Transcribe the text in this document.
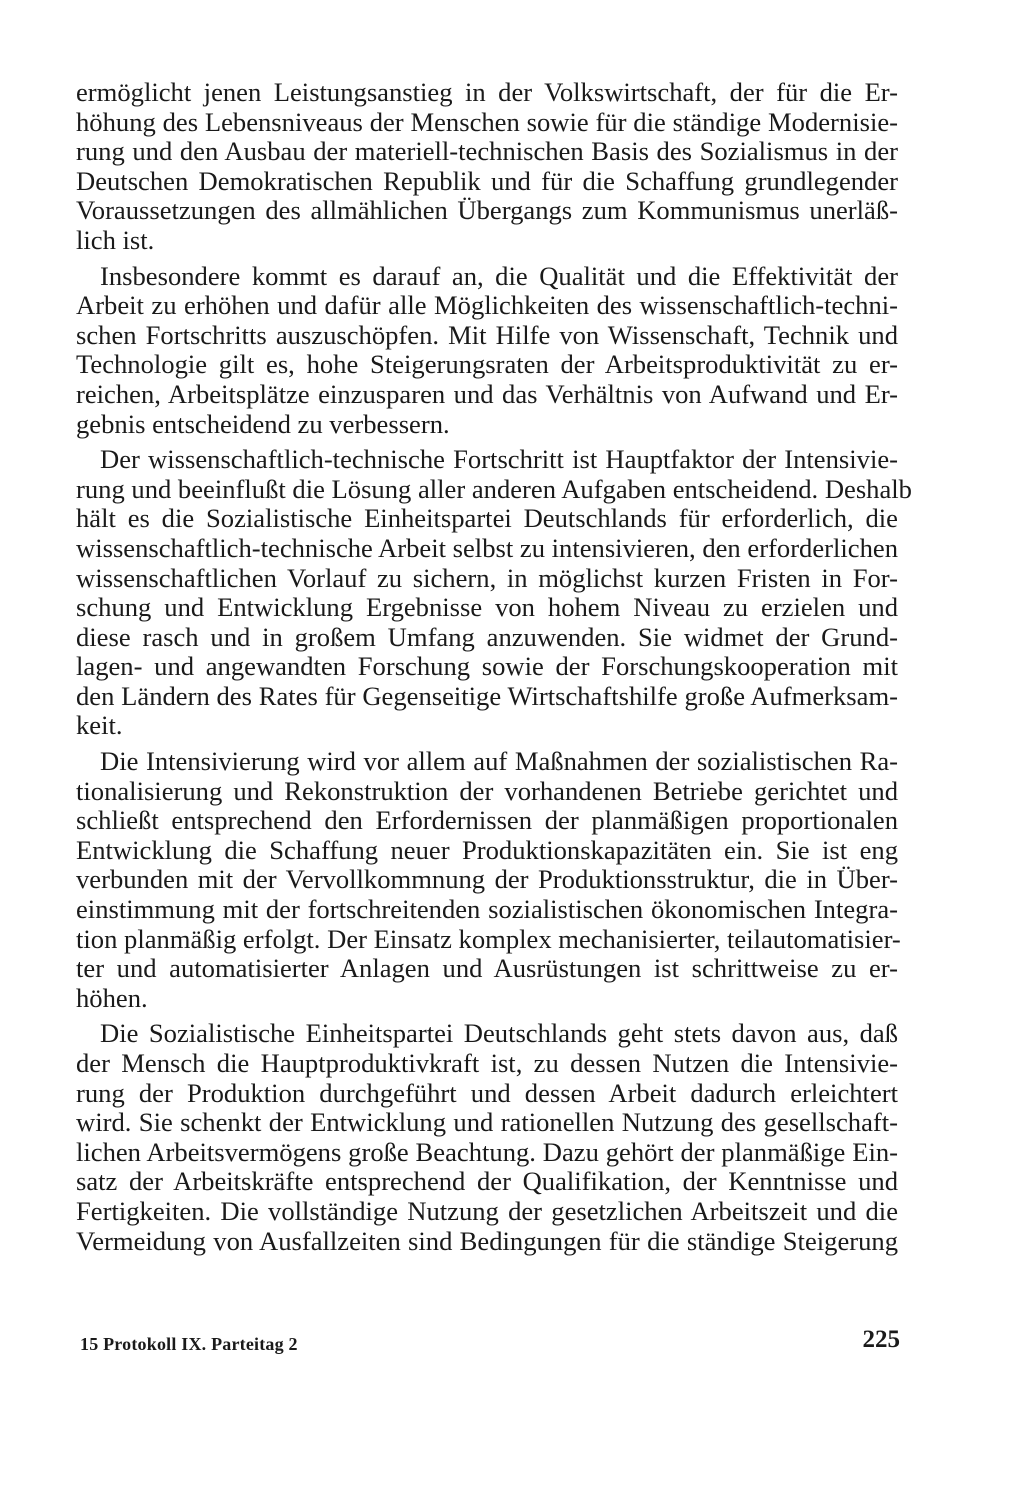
ermöglicht jenen Leistungsanstieg in der Volkswirtschaft, der für die Er-
höhung des Lebensniveaus der Menschen sowie für die ständige Modernisie-
rung und den Ausbau der materiell-technischen Basis des Sozialismus in der
Deutschen Demokratischen Republik und für die Schaffung grundlegender
Voraussetzungen des allmählichen Übergangs zum Kommunismus unerläß-
lich ist.

Insbesondere kommt es darauf an, die Qualität und die Effektivität der
Arbeit zu erhöhen und dafür alle Möglichkeiten des wissenschaftlich-techni-
schen Fortschritts auszuschöpfen. Mit Hilfe von Wissenschaft, Technik und
Technologie gilt es, hohe Steigerungsraten der Arbeitsproduktivität zu er-
reichen, Arbeitsplätze einzusparen und das Verhältnis von Aufwand und Er-
gebnis entscheidend zu verbessern.

Der wissenschaftlich-technische Fortschritt ist Hauptfaktor der Intensivie-
rung und beeinflußt die Lösung aller anderen Aufgaben entscheidend. Deshalb
hält es die Sozialistische Einheitspartei Deutschlands für erforderlich, die
wissenschaftlich-technische Arbeit selbst zu intensivieren, den erforderlichen
wissenschaftlichen Vorlauf zu sichern, in möglichst kurzen Fristen in For-
schung und Entwicklung Ergebnisse von hohem Niveau zu erzielen und
diese rasch und in großem Umfang anzuwenden. Sie widmet der Grund-
lagen- und angewandten Forschung sowie der Forschungskooperation mit
den Ländern des Rates für Gegenseitige Wirtschaftshilfe große Aufmerksam-
keit.

Die Intensivierung wird vor allem auf Maßnahmen der sozialistischen Ra-
tionalisierung und Rekonstruktion der vorhandenen Betriebe gerichtet und
schließt entsprechend den Erfordernissen der planmäßigen proportionalen
Entwicklung die Schaffung neuer Produktionskapazitäten ein. Sie ist eng
verbunden mit der Vervollkommnung der Produktionsstruktur, die in Über-
einstimmung mit der fortschreitenden sozialistischen ökonomischen Integra-
tion planmäßig erfolgt. Der Einsatz komplex mechanisierter, teilautomatisier-
ter und automatisierter Anlagen und Ausrüstungen ist schrittweise zu er-
höhen.

Die Sozialistische Einheitspartei Deutschlands geht stets davon aus, daß
der Mensch die Hauptproduktivkraft ist, zu dessen Nutzen die Intensivie-
rung der Produktion durchgeführt und dessen Arbeit dadurch erleichtert
wird. Sie schenkt der Entwicklung und rationellen Nutzung des gesellschaft-
lichen Arbeitsvermögens große Beachtung. Dazu gehört der planmäßige Ein-
satz der Arbeitskräfte entsprechend der Qualifikation, der Kenntnisse und
Fertigkeiten. Die vollständige Nutzung der gesetzlichen Arbeitszeit und die
Vermeidung von Ausfallzeiten sind Bedingungen für die ständige Steigerung

15 Protokoll IX. Parteitag 2	225
